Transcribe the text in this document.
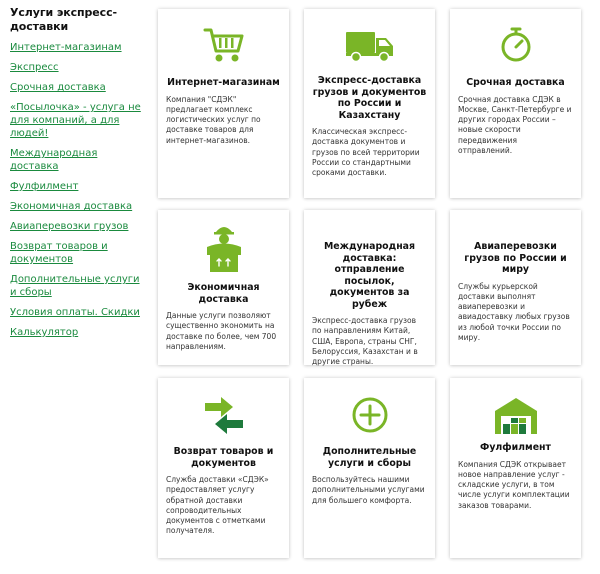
Услуги экспресс-доставки
Интернет-магазинам
Экспресс
Срочная доставка
«Посылочка» - услуга не для компаний, а для людей!
Международная доставка
Фулфилмент
Экономичная доставка
Авиаперевозки грузов
Возврат товаров и документов
Дополнительные услуги и сборы
Условия оплаты. Скидки
Калькулятор
Интернет-магазинам

Компания "СДЭК" предлагает комплекс логистических услуг по доставке товаров для интернет-магазинов.

Экспресс-доставка грузов и документов по России и Казахстану

Классическая экспресс-доставка документов и грузов по всей территории России со стандартными сроками доставки.

Срочная доставка

Срочная доставка СДЭК в Москве, Санкт-Петербурге и других городах России – новые скорости передвижения отправлений.

Экономичная доставка

Данные услуги позволяют существенно экономить на доставке по более, чем 700 направлениям.

Международная доставка: отправление посылок, документов за рубеж

Экспресс-доставка грузов по направлениям Китай, США, Европа, страны СНГ, Белоруссия, Казахстан и в другие страны.

Авиаперевозки грузов по России и миру

Службы курьерской доставки выполнят авиаперевозки и авиадоставку любых грузов из любой точки России по миру.

Возврат товаров и документов

Служба доставки «СДЭК» предоставляет услугу обратной доставки сопроводительных документов с отметками получателя.

Дополнительные услуги и сборы

Воспользуйтесь нашими дополнительными услугами для большего комфорта.

Фулфилмент

Компания СДЭК открывает новое направление услуг - складские услуги, в том числе услуги комплектации заказов товарами.
